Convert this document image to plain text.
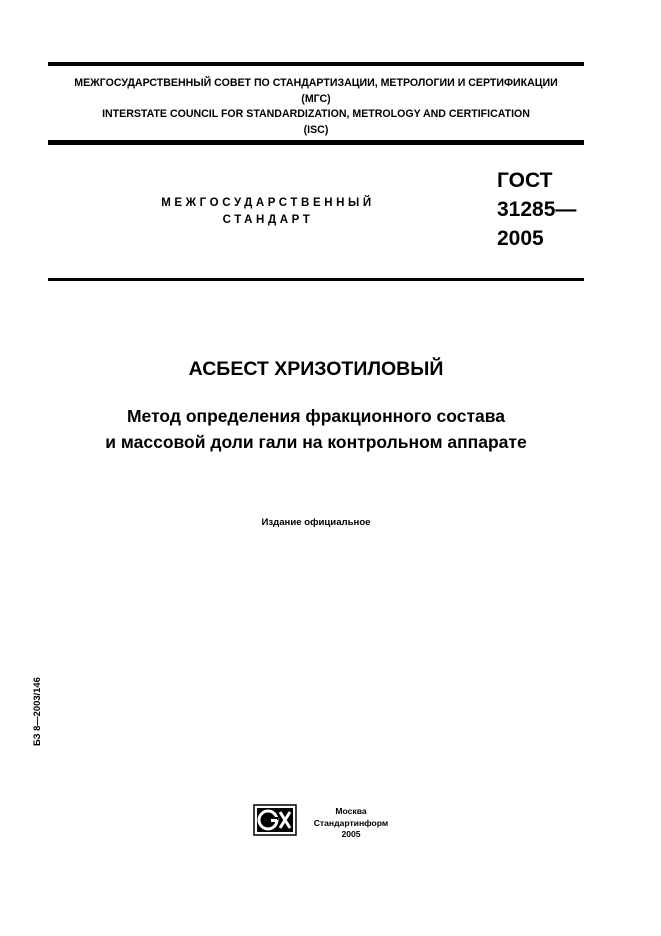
МЕЖГОСУДАРСТВЕННЫЙ СОВЕТ ПО СТАНДАРТИЗАЦИИ, МЕТРОЛОГИИ И СЕРТИФИКАЦИИ
(МГС)
INTERSTATE COUNCIL FOR STANDARDIZATION, METROLOGY AND CERTIFICATION
(ISC)
МЕЖГОСУДАРСТВЕННЫЙ
СТАНДАРТ
ГОСТ
31285—
2005
АСБЕСТ ХРИЗОТИЛОВЫЙ
Метод определения фракционного состава
и массовой доли гали на контрольном аппарате
Издание официальное
БЗ 8—2003/146
Москва
Стандартинформ
2005
